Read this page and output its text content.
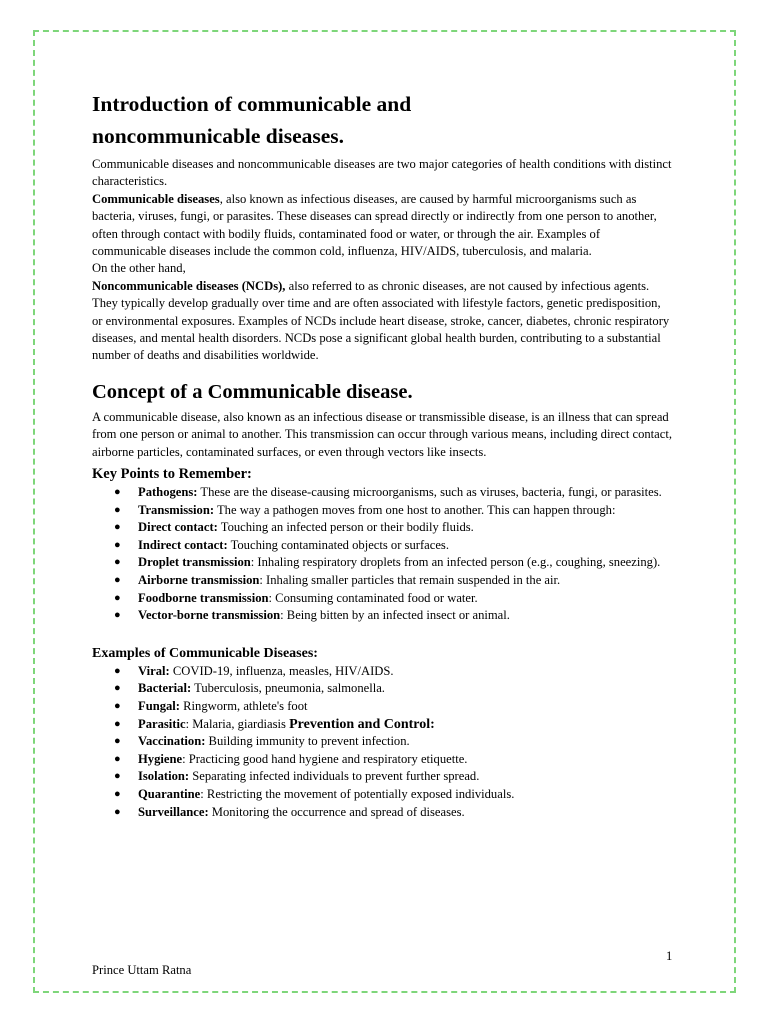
Introduction of communicable and noncommunicable diseases.

Communicable diseases and noncommunicable diseases are two major categories of health conditions with distinct characteristics.

Communicable diseases, also known as infectious diseases, are caused by harmful microorganisms such as bacteria, viruses, fungi, or parasites. These diseases can spread directly or indirectly from one person to another, often through contact with bodily fluids, contaminated food or water, or through the air. Examples of communicable diseases include the common cold, influenza, HIV/AIDS, tuberculosis, and malaria.

On the other hand,

Noncommunicable diseases (NCDs), also referred to as chronic diseases, are not caused by infectious agents. They typically develop gradually over time and are often associated with lifestyle factors, genetic predisposition, or environmental exposures. Examples of NCDs include heart disease, stroke, cancer, diabetes, chronic respiratory diseases, and mental health disorders. NCDs pose a significant global health burden, contributing to a substantial number of deaths and disabilities worldwide.

Concept of a Communicable disease.

A communicable disease, also known as an infectious disease or transmissible disease, is an illness that can spread from one person or animal to another. This transmission can occur through various means, including direct contact, airborne particles, contaminated surfaces, or even through vectors like insects.

Key Points to Remember:
● Pathogens: These are the disease-causing microorganisms, such as viruses, bacteria, fungi, or parasites.
● Transmission: The way a pathogen moves from one host to another. This can happen through:
● Direct contact: Touching an infected person or their bodily fluids.
● Indirect contact: Touching contaminated objects or surfaces.
● Droplet transmission: Inhaling respiratory droplets from an infected person (e.g., coughing, sneezing).
● Airborne transmission: Inhaling smaller particles that remain suspended in the air.
● Foodborne transmission: Consuming contaminated food or water.
● Vector-borne transmission: Being bitten by an infected insect or animal.
Examples of Communicable Diseases:
● Viral: COVID-19, influenza, measles, HIV/AIDS.
● Bacterial: Tuberculosis, pneumonia, salmonella.
● Fungal: Ringworm, athlete's foot
● Parasitic: Malaria, giardiasis Prevention and Control:
● Vaccination: Building immunity to prevent infection.
● Hygiene: Practicing good hand hygiene and respiratory etiquette.
● Isolation: Separating infected individuals to prevent further spread.
● Quarantine: Restricting the movement of potentially exposed individuals.
● Surveillance: Monitoring the occurrence and spread of diseases.
1
Prince Uttam Ratna
